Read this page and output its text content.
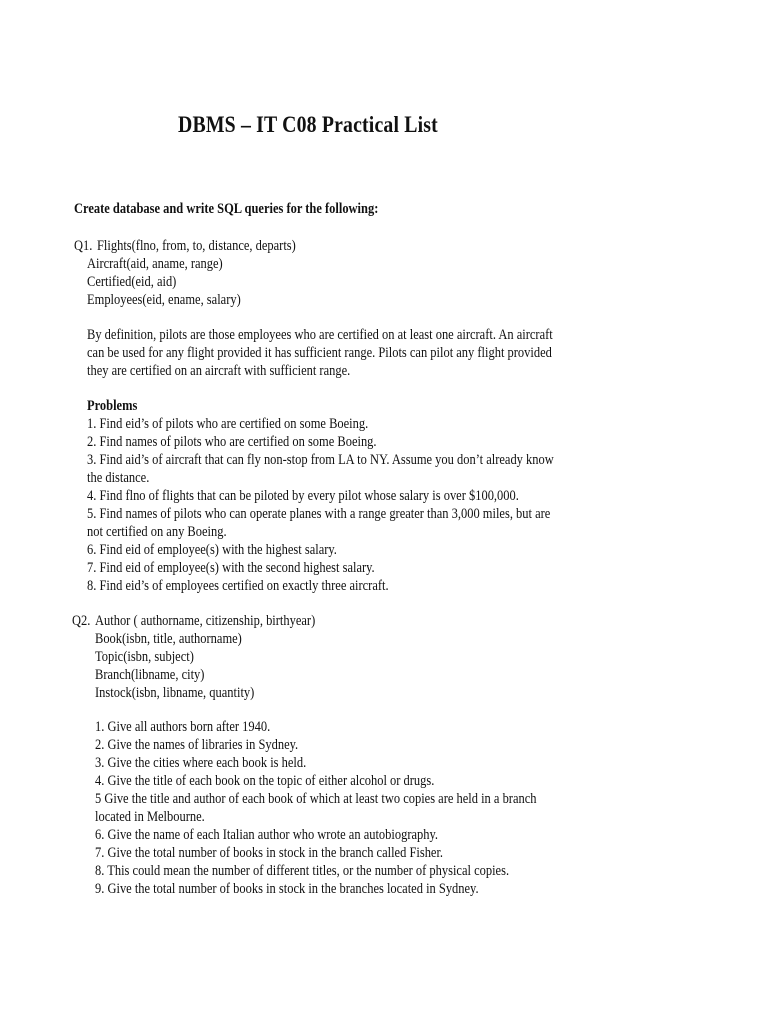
DBMS – IT C08 Practical List
Create database and write SQL queries for the following:
Q1. Flights(flno, from, to, distance, departs)
Aircraft(aid, aname, range)
Certified(eid, aid)
Employees(eid, ename, salary)
By definition, pilots are those employees who are certified on at least one aircraft. An aircraft
can be used for any flight provided it has sufficient range. Pilots can pilot any flight provided
they are certified on an aircraft with sufficient range.
Problems
1. Find eid’s of pilots who are certified on some Boeing.
2. Find names of pilots who are certified on some Boeing.
3. Find aid’s of aircraft that can fly non-stop from LA to NY. Assume you don’t already know
the distance.
4. Find flno of flights that can be piloted by every pilot whose salary is over $100,000.
5. Find names of pilots who can operate planes with a range greater than 3,000 miles, but are
not certified on any Boeing.
6. Find eid of employee(s) with the highest salary.
7. Find eid of employee(s) with the second highest salary.
8. Find eid’s of employees certified on exactly three aircraft.
Q2. Author ( authorname, citizenship, birthyear)
Book(isbn, title, authorname)
Topic(isbn, subject)
Branch(libname, city)
Instock(isbn, libname, quantity)
1. Give all authors born after 1940.
2. Give the names of libraries in Sydney.
3. Give the cities where each book is held.
4. Give the title of each book on the topic of either alcohol or drugs.
5 Give the title and author of each book of which at least two copies are held in a branch
located in Melbourne.
6. Give the name of each Italian author who wrote an autobiography.
7. Give the total number of books in stock in the branch called Fisher.
8. This could mean the number of different titles, or the number of physical copies.
9. Give the total number of books in stock in the branches located in Sydney.
